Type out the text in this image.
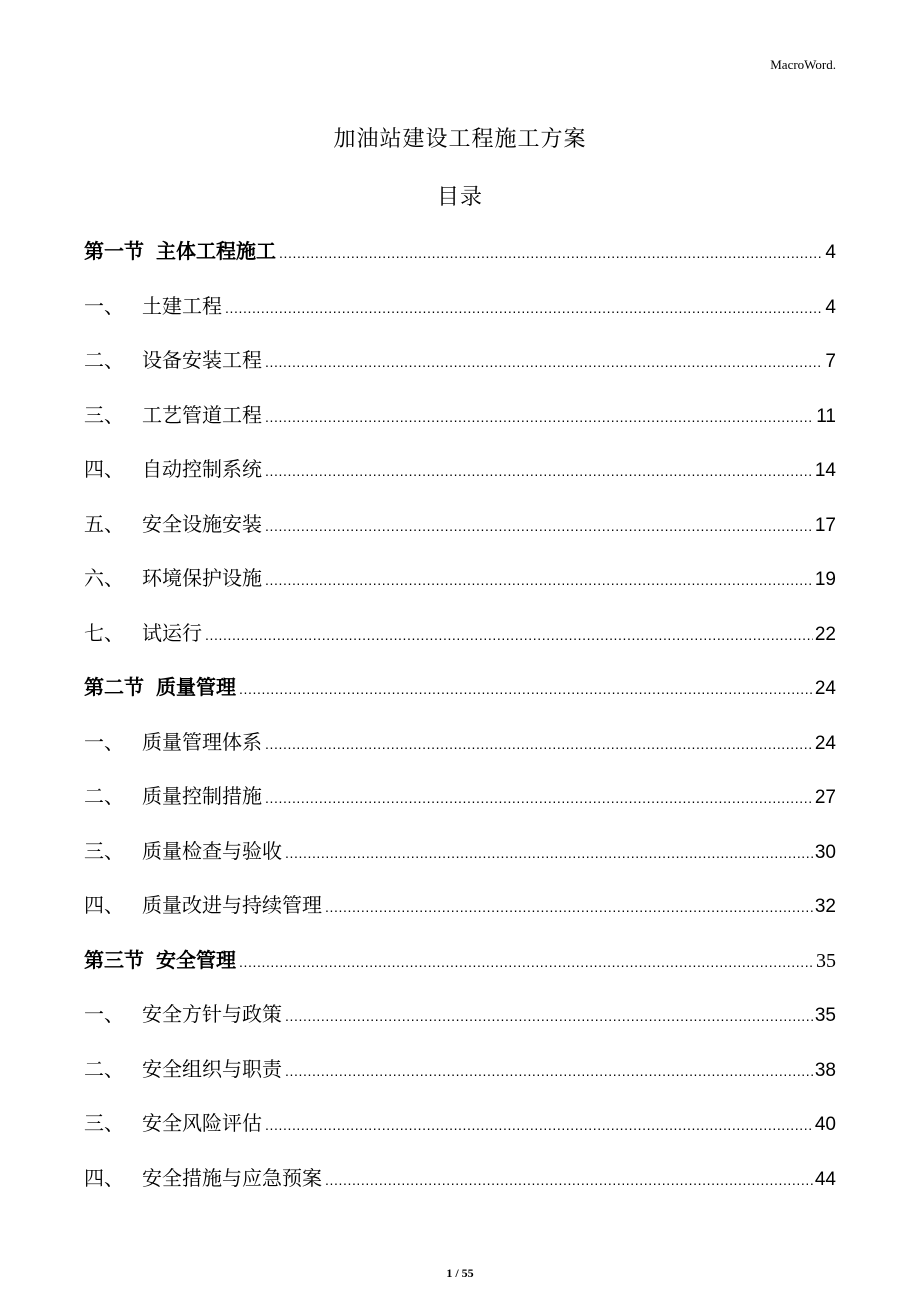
MacroWord.
加油站建设工程施工方案
目录
第一节 主体工程施工 .....	4
一、 土建工程 .....	4
二、 设备安装工程 .....	7
三、 工艺管道工程 .....	11
四、 自动控制系统 .....	14
五、 安全设施安装 .....	17
六、 环境保护设施 .....	19
七、 试运行 .....	22
第二节 质量管理 .....	24
一、 质量管理体系 .....	24
二、 质量控制措施 .....	27
三、 质量检查与验收 .....	30
四、 质量改进与持续管理 .....	32
第三节 安全管理 .....	35
一、 安全方针与政策 .....	35
二、 安全组织与职责 .....	38
三、 安全风险评估 .....	40
四、 安全措施与应急预案 .....	44
1 / 55
